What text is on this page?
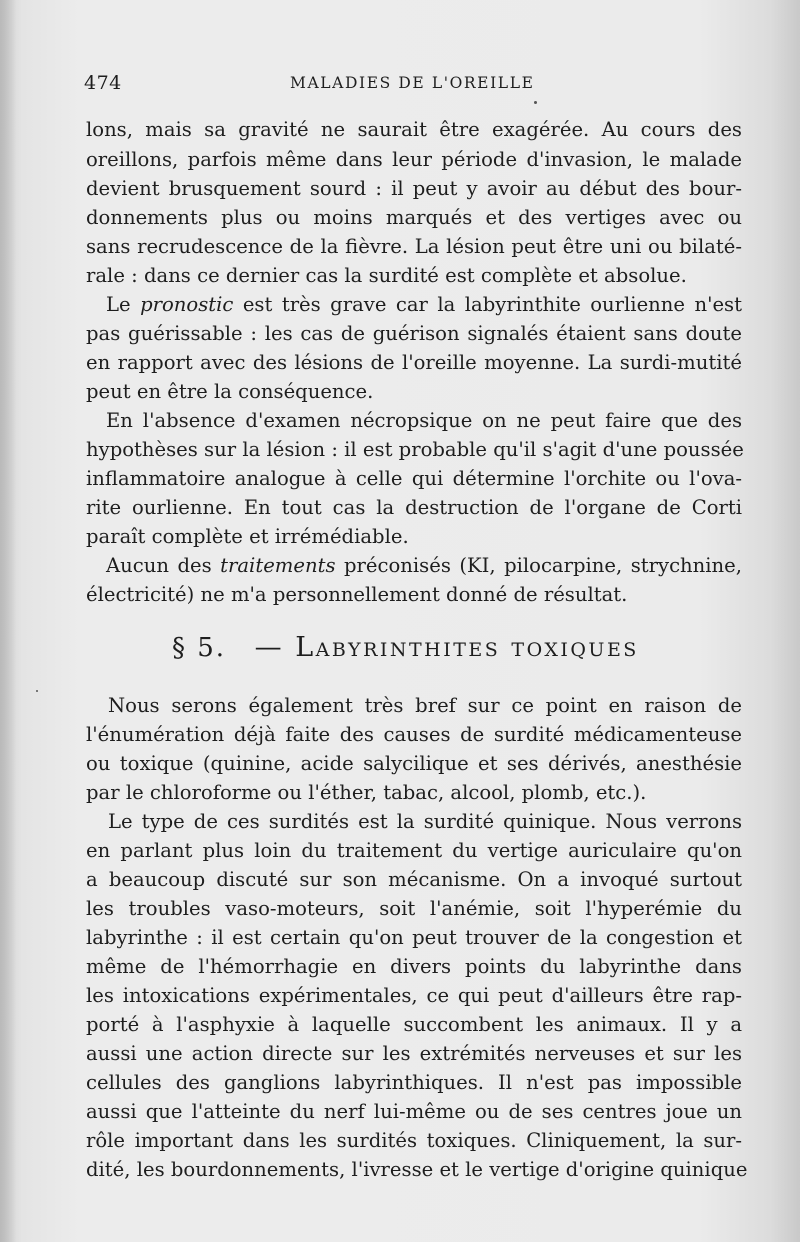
474	MALADIES DE L'OREILLE
lons, mais sa gravité ne saurait être exagérée. Au cours des
oreillons, parfois même dans leur période d'invasion, le malade
devient brusquement sourd : il peut y avoir au début des bour-
donnements plus ou moins marqués et des vertiges avec ou
sans recrudescence de la fièvre. La lésion peut être uni ou bilaté-
rale : dans ce dernier cas la surdité est complète et absolue.
Le pronostic est très grave car la labyrinthite ourlienne n'est
pas guérissable : les cas de guérison signalés étaient sans doute
en rapport avec des lésions de l'oreille moyenne. La surdi-mutité
peut en être la conséquence.
En l'absence d'examen nécropsique on ne peut faire que des
hypothèses sur la lésion : il est probable qu'il s'agit d'une poussée
inflammatoire analogue à celle qui détermine l'orchite ou l'ova-
rite ourlienne. En tout cas la destruction de l'organe de Corti
paraît complète et irrémédiable.
Aucun des traitements préconisés (KI, pilocarpine, strychnine,
électricité) ne m'a personnellement donné de résultat.
§ 5. — Labyrinthites toxiques
Nous serons également très bref sur ce point en raison de
l'énumération déjà faite des causes de surdité médicamenteuse
ou toxique (quinine, acide salycilique et ses dérivés, anesthésie
par le chloroforme ou l'éther, tabac, alcool, plomb, etc.).
Le type de ces surdités est la surdité quinique. Nous verrons
en parlant plus loin du traitement du vertige auriculaire qu'on
a beaucoup discuté sur son mécanisme. On a invoqué surtout
les troubles vaso-moteurs, soit l'anémie, soit l'hyperémie du
labyrinthe : il est certain qu'on peut trouver de la congestion et
même de l'hémorrhagie en divers points du labyrinthe dans
les intoxications expérimentales, ce qui peut d'ailleurs être rap-
porté à l'asphyxie à laquelle succombent les animaux. Il y a
aussi une action directe sur les extrémités nerveuses et sur les
cellules des ganglions labyrinthiques. Il n'est pas impossible
aussi que l'atteinte du nerf lui-même ou de ses centres joue un
rôle important dans les surdités toxiques. Cliniquement, la sur-
dité, les bourdonnements, l'ivresse et le vertige d'origine quinique
